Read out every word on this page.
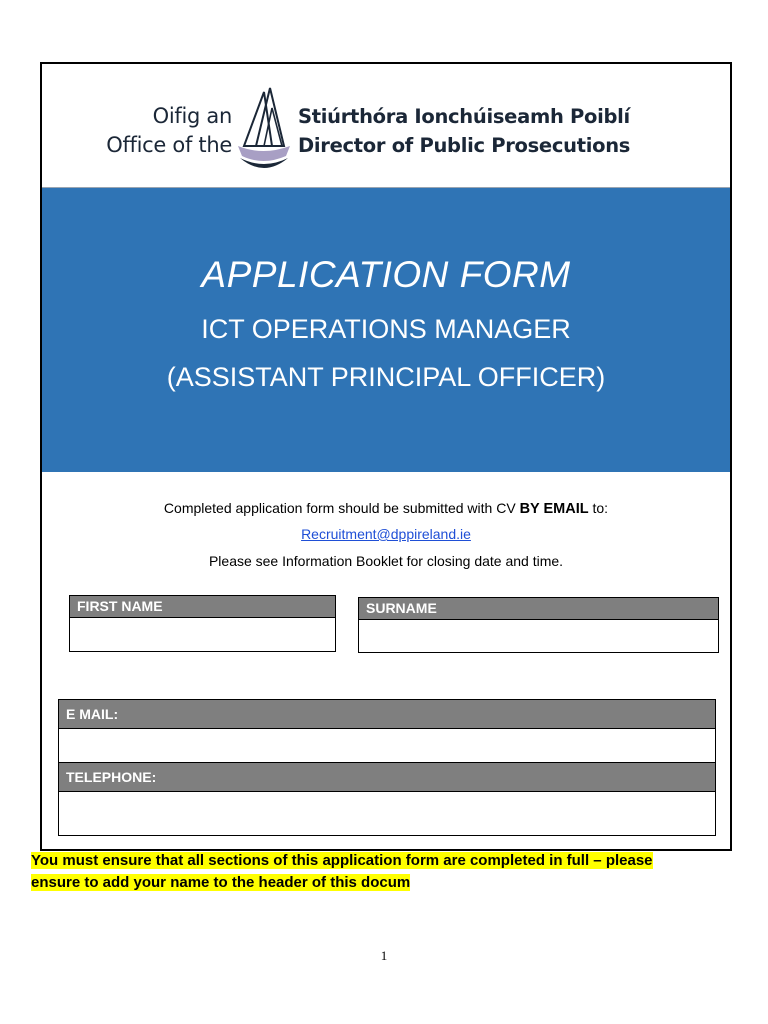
Oifig an
Office of the
Stiúrthóra Ionchúiseamh Poiblí
Director of Public Prosecutions
APPLICATION FORM
ICT OPERATIONS MANAGER
(ASSISTANT PRINCIPAL OFFICER)
Completed application form should be submitted with CV BY EMAIL to:
Recruitment@dppireland.ie
Please see Information Booklet for closing date and time.
FIRST NAME	SURNAME
E MAIL:
TELEPHONE:
You must ensure that all sections of this application form are completed in full – please ensure to add your name to the header of this docum
1
